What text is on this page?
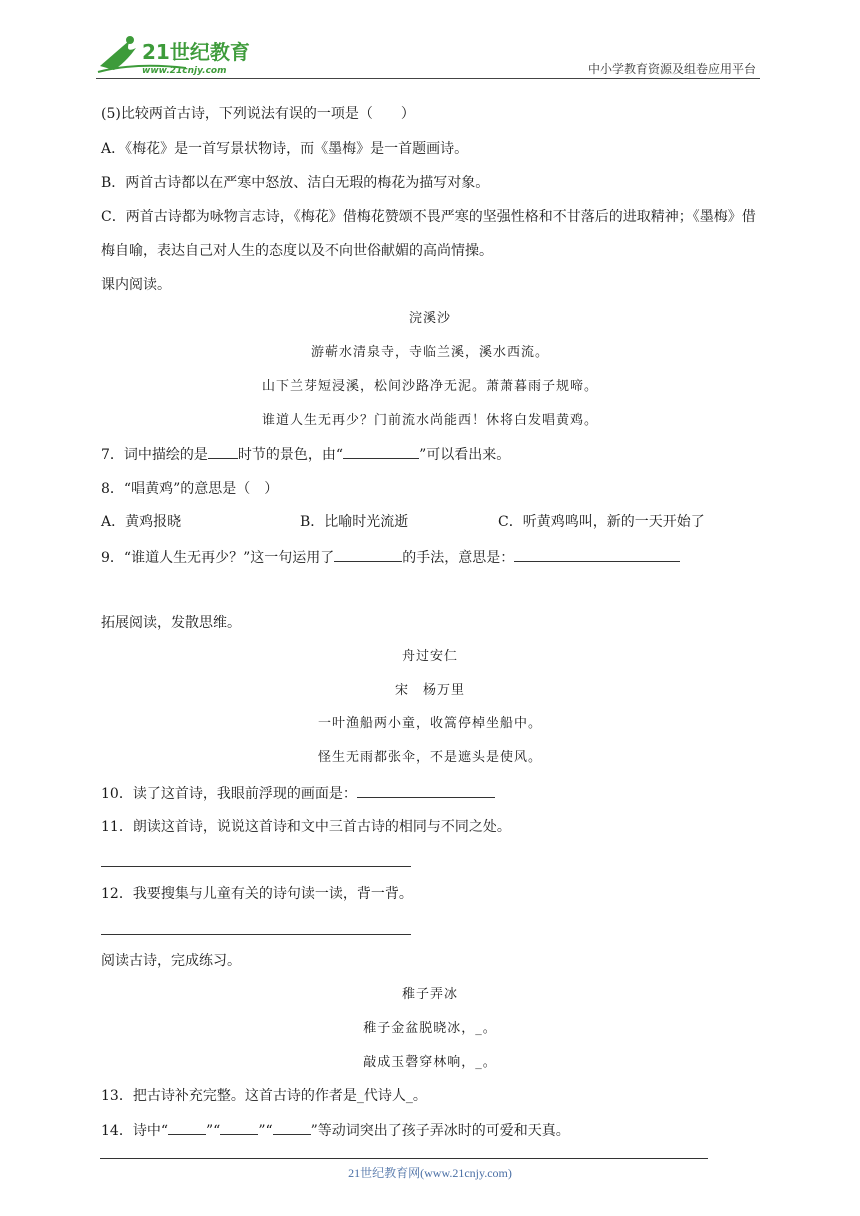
21世纪教育
www.21cnjy.com	中小学教育资源及组卷应用平台
(5)比较两首古诗，下列说法有误的一项是（　　）
A．《梅花》是一首写景状物诗，而《墨梅》是一首题画诗。
B．两首古诗都以在严寒中怒放、洁白无瑕的梅花为描写对象。
C．两首古诗都为咏物言志诗，《梅花》借梅花赞颂不畏严寒的坚强性格和不甘落后的进取精神；《墨梅》借梅自喻，表达自己对人生的态度以及不向世俗献媚的高尚情操。
课内阅读。
浣溪沙
游蕲水清泉寺，寺临兰溪，溪水西流。
山下兰芽短浸溪，松间沙路净无泥。萧萧暮雨子规啼。
谁道人生无再少？门前流水尚能西！休将白发唱黄鸡。
7．词中描绘的是 时节的景色，由“	”可以看出来。
8．“唱黄鸡”的意思是（　）
A．黄鸡报晓	B．比喻时光流逝	C．听黄鸡鸣叫，新的一天开始了
9．“谁道人生无再少？”这一句运用了	的手法，意思是：
拓展阅读，发散思维。
舟过安仁
宋　杨万里
一叶渔船两小童，收篙停棹坐船中。
怪生无雨都张伞，不是遮头是使风。
10．读了这首诗，我眼前浮现的画面是：
11．朗读这首诗，说说这首诗和文中三首古诗的相同与不同之处。
12．我要搜集与儿童有关的诗句读一读，背一背。
阅读古诗，完成练习。
稚子弄冰
稚子金盆脱晓冰，_。
敲成玉磬穿林响，_。
13．把古诗补充完整。这首古诗的作者是_代诗人_。
14．诗中“	”“	”“	”等动词突出了孩子弄冰时的可爱和天真。
21世纪教育网(www.21cnjy.com)
